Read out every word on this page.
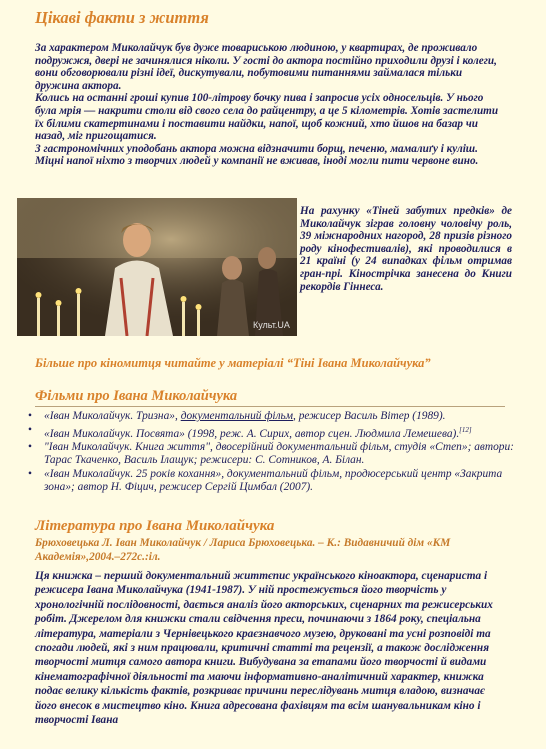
Цікаві факти з життя
За характером Миколайчук був дуже товариською людиною, у квартирах, де проживало подружжя, двері не зачинялися ніколи. У гості до актора постійно приходили друзі і колеги, вони обговорювали різні ідеї, дискутували, побутовими питаннями займалася тільки дружина актора.
Колись на останні гроші купив 100-літрову бочку пива і запросив усіх односельців. У нього була мрія — накрити столи від свого села до райцентру, а це 5 кілометрів. Хотів застелити їх білими скатертинами і поставити найдки, напої, щоб кожний, хто йшов на базар чи назад, міг пригощатися.
З гастрономічних уподобань актора можна відзначити борщ, печеню, мамалиґу і куліш. Міцні напої ніхто з творчих людей у компанії не вживав, іноді могли пити червоне вино.
Культ.UA
На рахунку «Тіней забутих предків» де Миколайчук зіграв головну чоловічу роль, 39 міжнародних нагород, 28 призів різного роду кінофестивалів), які проводилися в 21 країні (у 24 випадках фільм отримав гран-прі. Кінострічка занесена до Книги рекордів Гіннеса.
Більше про кіномитця читайте у матеріалі “Тіні Івана Миколайчука”
Фільми про Івана Миколайчука
• «Іван Миколайчук. Тризна», документальний фільм, режисер Василь Вітер (1989).
• «Іван Миколайчук. Посвята» (1998, реж. А. Сирих, автор сцен. Людмила Лемешева).[12]
• "Іван Миколайчук. Книга життя", двосерійний документальний фільм, студія «Степ»; автори: Тарас Ткаченко, Василь Ілащук; режисери: С. Сотников, А. Білан.
• «Іван Миколайчук. 25 років кохання», документальний фільм, продюсерський центр «Закрита зона»; автор Н. Фіцич, режисер Сергій Цимбал (2007).
Література про Івана Миколайчука
Брюховецька Л. Іван Миколайчук / Лариса Брюховецька. – К.: Видавничий дім «КМ Академія»,2004.–272с.:іл.
Ця книжка – перший документальний життєпис українського кіноактора, сценариста і режисера Івана Миколайчука (1941-1987). У ній простежується його творчість у хронологічній послідовності, дається аналіз його акторських, сценарних та режисерських робіт. Джерелом для книжки стали свідчення преси, починаючи з 1864 року, спеціальна література, матеріали з Чернівецького краєзнавчого музею, друковані та усні розповіді та спогади людей, які з ним працювали, критичні статті та рецензії, а також дослідження творчості митця самого автора книги. Вибудувана за етапами його творчості й видами кінематографічної діяльності та маючи інформативно-аналітичний характер, книжка подає велику кількість фактів, розкриває причини переслідувань митця владою, визначає його внесок в мистецтво кіно. Книга адресована фахівцям та всім шанувальникам кіно і творчості Івана
